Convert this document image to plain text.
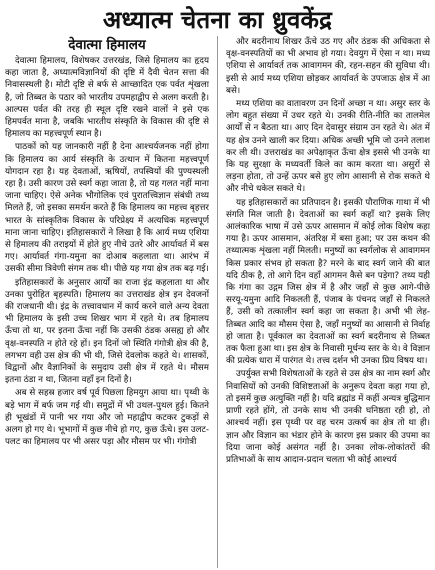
अध्यात्म चेतना का ध्रुवकेंद्र
देवात्मा हिमालय

देवात्मा हिमालय, विशेषकर उत्तरखंड, जिसे हिमालय का हृदय कहा जाता है, अध्यात्मविज्ञानियों की दृष्टि में दैवी चेतन सत्ता की निवासस्थली है। मोटी दृष्टि से बर्फ से आच्छादित एक पर्वत शृंखला है, जो तिब्बत के पठार को भारतीय उपमहाद्वीप से अलग करती है। आल्पस पर्वत की तरह ही स्थूल दृष्टि रखने वालों ने इसे एक हिमपर्वत माना है, जबकि भारतीय संस्कृति के विकास की दृष्टि से हिमालय का महत्त्वपूर्ण स्थान है।

पाठकों को यह जानकारी नहीं है देना आश्चर्यजनक नहीं होगा कि हिमालय का आर्य संस्कृति के उत्थान में कितना महत्त्वपूर्ण योगदान रहा है। यह देवताओं, ऋषियों, तपस्वियों की पुण्यस्थली रहा है। उसी कारण उसे स्वर्ग कहा जाता है, तो यह गलत नहीं माना जाना चाहिए। ऐसे अनेक भौगोलिक एवं पुरातत्त्विज्ञान संबंधी तथ्य मिलते हैं, जो इसका समर्थन करते हैं कि हिमालय का महत्त्व बृहत्तर भारत के सांस्कृतिक विकास के परिप्रेक्ष्य में अत्यधिक महत्त्वपूर्ण माना जाना चाहिए। इतिहासकारों ने लिखा है कि आर्य मध्य एशिया से हिमालय की तराइयों में होते हुए नीचे उतरे और आर्यावर्त में बस गए। आर्यावर्त गंगा-यमुना का दोआब कहलाता था। आरंभ में उसकी सीमा त्रिवेणी संगम तक थी। पीछे यह गया क्षेत्र तक बढ़ गई।

इतिहासकारों के अनुसार आर्यों का राजा इंद्र कहलाता था और उनका पुरोहित बृहस्पति। हिमालय का उत्तराखंड क्षेत्र इन देवजनों की राजधानी थी। इंद्र के तत्त्वावधान में कार्य करने वाले अन्य देवता भी हिमालय के इसी उच्च शिखर भाग में रहते थे। तब हिमालय ऊँचा तो था, पर इतना ऊँचा नहीं कि उसकी ठंडक असह्य हो और वृक्ष-वनस्पति न होते रहे हों। इन दिनों जो स्थिति गंगोत्री क्षेत्र की है, लगभग वही उस क्षेत्र की भी थी, जिसे देवलोक कहते थे। शासकों, विद्वानों और वैज्ञानिकों के समुदाय उसी क्षेत्र में रहते थे। मौसम इतना ठंडा न था, जितना वहाँ इन दिनों है।

अब से सहस्र हजार वर्ष पूर्व पिछला हिमयुग आया था। पृथ्वी के बड़े भाग में बर्फ जम गई थी। समुद्रों में भी उथल-पुथल हुई। कितने ही भूखंडों में पानी भर गया और जो महाद्वीप कटकर टुकड़ों से अलग हो गए थे। भूभागों में कुछ नीचे हो गए, कुछ ऊँचे। इस उलट-पलट का हिमालय पर भी असर पड़ा और मौसम पर भी। गंगोत्री

और बदरीनाथ शिखर ऊँचे उठ गए और ठंडक की अधिकता से वृक्ष-वनस्पतियों का भी अभाव हो गया। देवयुग में ऐसा न था। मध्य एशिया से आर्यावर्त तक आवागमन की, रहन-सहन की सुविधा थी। इसी से आर्य मध्य एशिया छोड़कर आर्यावर्त के उपजाऊ क्षेत्र में आ बसे।

मध्य एशिया का वातावरण उन दिनों अच्छा न था। असुर स्तर के लोग बहुत संख्या में उधर रहते थे। उनकी रीति-नीति का तालमेल आर्यों से न बैठता था। आए दिन देवासुर संग्राम उन रहते थे। अंत में यह क्षेत्र उनने खाली कर दिया। अधिक अच्छी भूमि जो उनने तलाश कर ली थी। उत्तराखंड का अपेक्षाकृत ऊँचा क्षेत्र इससे भी उनके था कि यह सुरक्षा के मध्यवर्ती किले का काम करता था। असुरों से लड़ना होता, तो उन्हें ऊपर बसे हुए लोग आसानी से रोक सकते थे और नीचे धकेल सकते थे।

यह इतिहासकारों का प्रतिपादन है। इसकी पौराणिक गाथा में भी संगति मिल जाती है। देवताओं का स्वर्ग कहाँ था? इसके लिए आलंकारिक भाषा में उसे ऊपर आसमान में कोई लोक विशेष कहा गया है। ऊपर आसमान, अंतरिक्ष में बसा हुआ; पर उस कथन की तथ्यात्मक शृंखला नहीं मिलती। मनुष्यों का स्वर्गलोक से आवागमन किस प्रकार संभव हो सकता है? मरने के बाद स्वर्ग जाने की बात यदि ठीक है, तो आगे दिन वहाँ आगमन कैसे बन पड़ेगा? तथ्य यही कि गंगा का उद्गम जिस क्षेत्र में है और जहाँ से कुछ आगे-पीछे सरयू-यमुना आदि निकलती हैं, पंजाब के पंचनद जहाँ से निकलते हैं, उसी को तत्कालीन स्वर्ग कहा जा सकता है। अभी भी लेह-तिब्बत आदि का मौसम ऐसा है, जहाँ मनुष्यों का आसानी से निर्वाह हो जाता है। पूर्वकाल का देवताओं का स्वर्ग बदरीनाथ से तिब्बत तक फैला हुआ था। इस क्षेत्र के निवासी मूर्धन्य स्तर के थे। वे विज्ञान की प्रत्येक धारा में पारंगत थे। तत्त्व दर्शन भी उनका प्रिय विषय था।

उपर्युक्त सभी विशेषताओं के रहते से उस क्षेत्र का नाम स्वर्ग और निवासियों को उनकी विशिष्टताओं के अनुरूप देवता कहा गया हो, तो इसमें कुछ अत्युक्ति नहीं है। यदि ब्रह्मांड में कहीं अन्यत्र बुद्धिमान प्राणी रहते होंगे, तो उनके साथ भी उनकी घनिष्ठता रही हो, तो आश्चर्य नहीं। इस पृथ्वी पर वह चरम उत्कर्ष का क्षेत्र तो था ही। ज्ञान और विज्ञान का भंडार होने के कारण इस प्रकार की उपमा का दिया जाना कोई असंगत नहीं है। उनका लोक-लोकांतरों की प्रतिभाओं के साथ आदान-प्रदान चलता भी कोई आश्चर्य
